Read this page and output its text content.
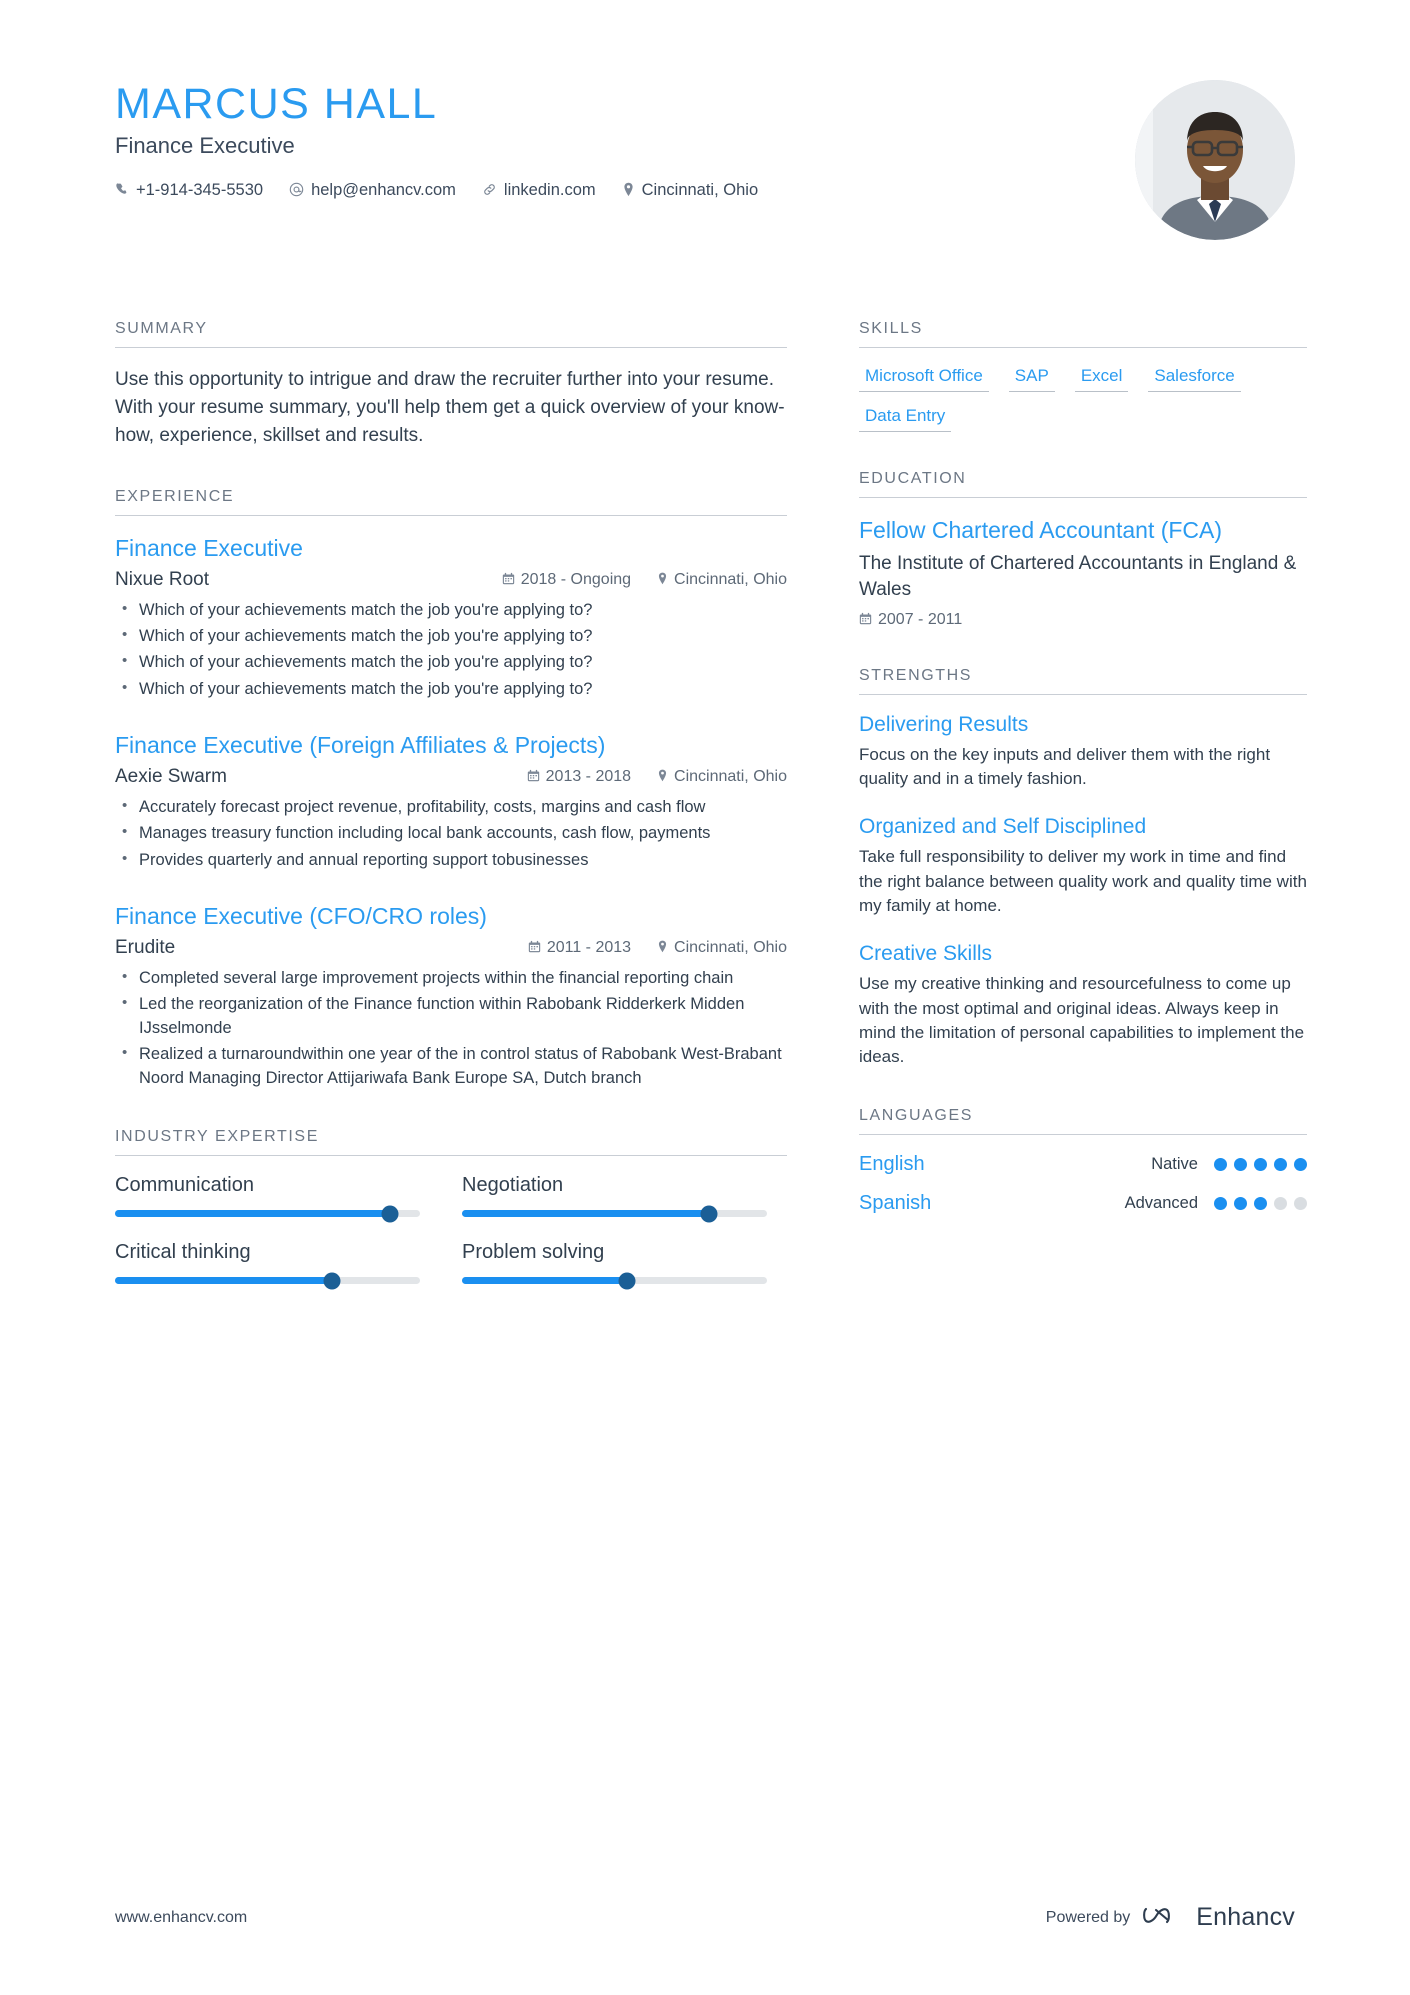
MARCUS HALL
Finance Executive
+1-914-345-5530	help@enhancv.com	linkedin.com	Cincinnati, Ohio
SUMMARY

Use this opportunity to intrigue and draw the recruiter further into your resume. With your resume summary, you'll help them get a quick overview of your know-how, experience, skillset and results.

EXPERIENCE
Finance Executive
Nixue Root	2018 - Ongoing	Cincinnati, Ohio
• Which of your achievements match the job you're applying to?
• Which of your achievements match the job you're applying to?
• Which of your achievements match the job you're applying to?
• Which of your achievements match the job you're applying to?
Finance Executive (Foreign Affiliates & Projects)
Aexie Swarm	2013 - 2018	Cincinnati, Ohio
• Accurately forecast project revenue, profitability, costs, margins and cash flow
• Manages treasury function including local bank accounts, cash flow, payments
• Provides quarterly and annual reporting support tobusinesses
Finance Executive (CFO/CRO roles)
Erudite	2011 - 2013	Cincinnati, Ohio
• Completed several large improvement projects within the financial reporting chain
• Led the reorganization of the Finance function within Rabobank Ridderkerk Midden IJsselmonde
• Realized a turnaroundwithin one year of the in control status of Rabobank West-Brabant Noord Managing Director Attijariwafa Bank Europe SA, Dutch branch
INDUSTRY EXPERTISE
Communication	Negotiation
Critical thinking	Problem solving
SKILLS
Microsoft Office	SAP	Excel	Salesforce
Data Entry
EDUCATION
Fellow Chartered Accountant (FCA)
The Institute of Chartered Accountants in England & Wales
2007 - 2011
STRENGTHS
Delivering Results

Focus on the key inputs and deliver them with the right quality and in a timely fashion.

Organized and Self Disciplined

Take full responsibility to deliver my work in time and find the right balance between quality work and quality time with my family at home.

Creative Skills

Use my creative thinking and resourcefulness to come up with the most optimal and original ideas. Always keep in mind the limitation of personal capabilities to implement the ideas.

LANGUAGES
English	Native
Spanish	Advanced
www.enhancv.com	Powered by	Enhancv
